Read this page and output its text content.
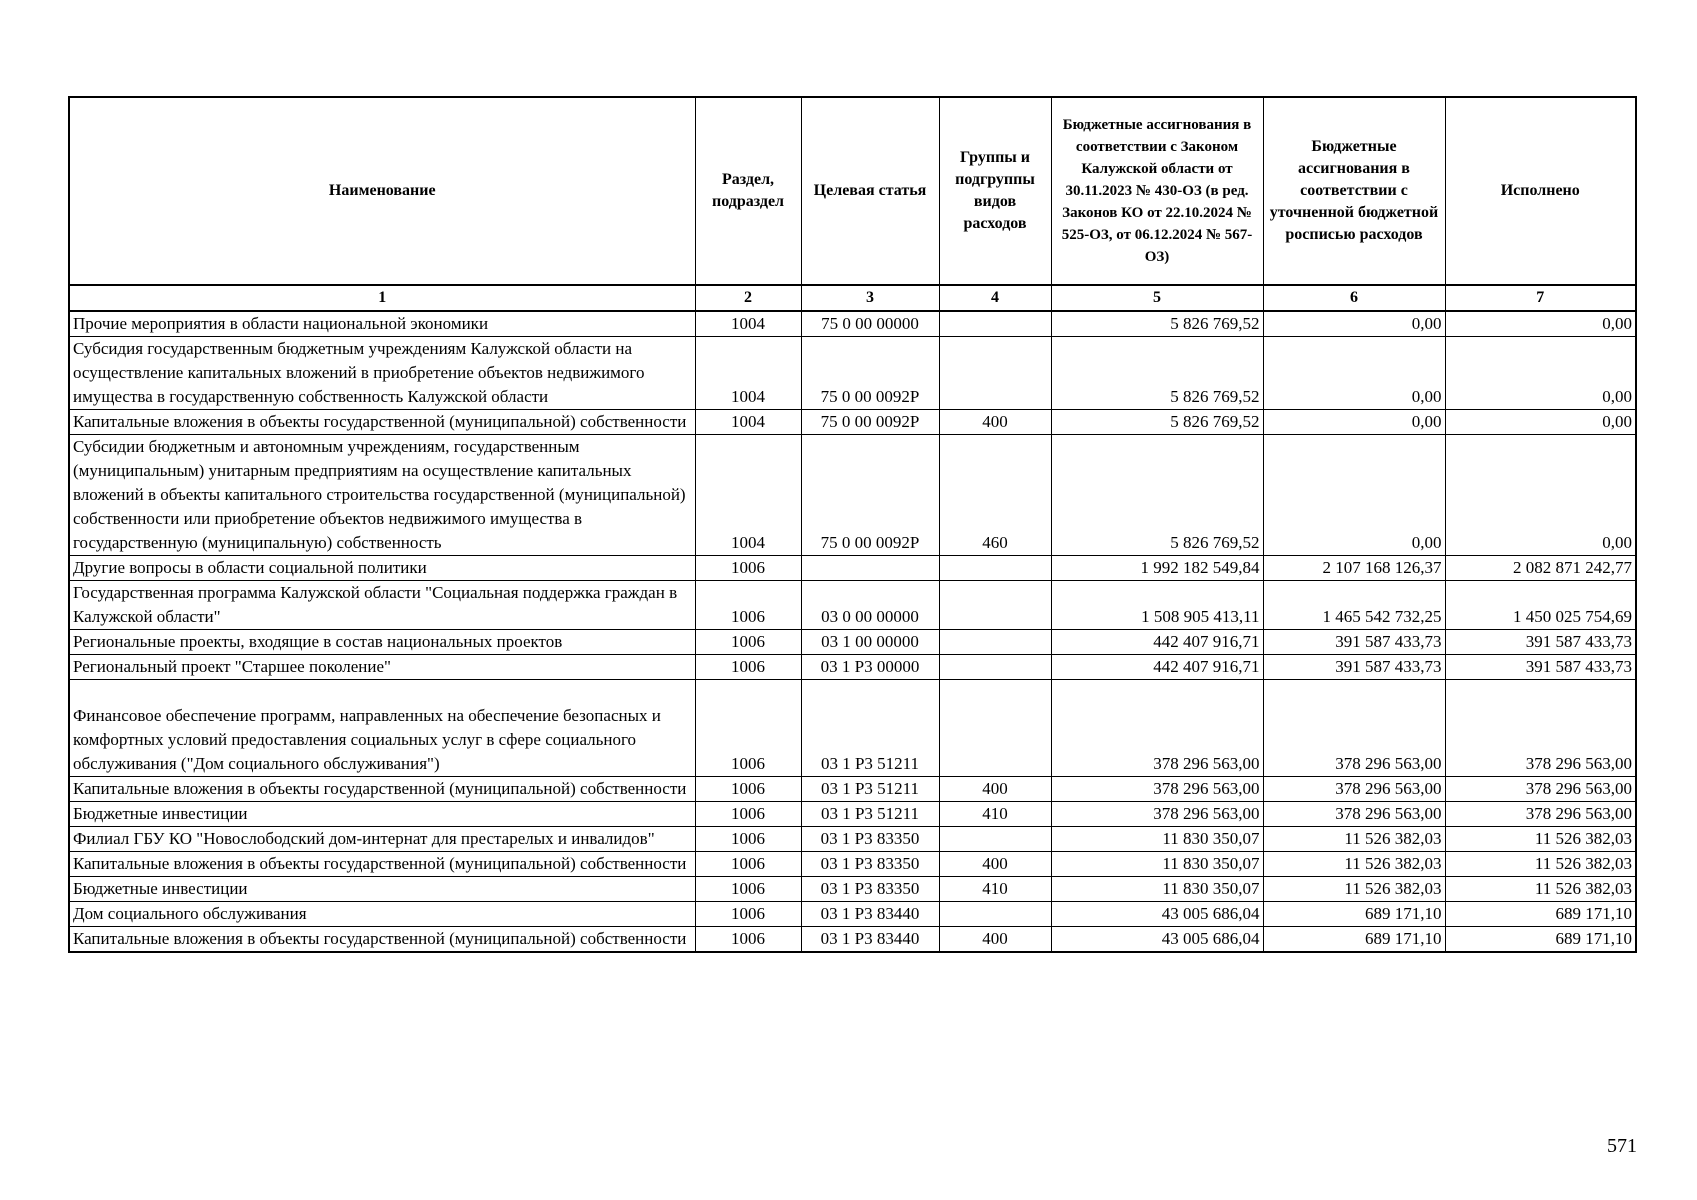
Наименование	Раздел, подраздел	Целевая статья	Группы и подгруппы видов расходов	Бюджетные ассигнования в соответствии с Законом Калужской области от 30.11.2023 № 430-ОЗ (в ред. Законов КО от 22.10.2024 № 525-ОЗ, от 06.12.2024 № 567-ОЗ)	Бюджетные ассигнования в соответствии с уточненной бюджетной росписью расходов	Исполнено
1	2	3	4	5	6	7
Прочие мероприятия в области национальной экономики	1004	75 0 00 00000		5 826 769,52	0,00	0,00
Субсидия государственным бюджетным учреждениям Калужской области на осуществление капитальных вложений в приобретение объектов недвижимого имущества в государственную собственность Калужской области	1004	75 0 00 0092P		5 826 769,52	0,00	0,00
Капитальные вложения в объекты государственной (муниципальной) собственности	1004	75 0 00 0092P	400	5 826 769,52	0,00	0,00
Субсидии бюджетным и автономным учреждениям, государственным (муниципальным) унитарным предприятиям на осуществление капитальных вложений в объекты капитального строительства государственной (муниципальной) собственности или приобретение объектов недвижимого имущества в государственную (муниципальную) собственность	1004	75 0 00 0092P	460	5 826 769,52	0,00	0,00
Другие вопросы в области социальной политики	1006			1 992 182 549,84	2 107 168 126,37	2 082 871 242,77
Государственная программа Калужской области "Социальная поддержка граждан в Калужской области"	1006	03 0 00 00000		1 508 905 413,11	1 465 542 732,25	1 450 025 754,69
Региональные проекты, входящие в состав национальных проектов	1006	03 1 00 00000		442 407 916,71	391 587 433,73	391 587 433,73
Региональный проект "Старшее поколение"	1006	03 1 P3 00000		442 407 916,71	391 587 433,73	391 587 433,73

Финансовое обеспечение программ, направленных на обеспечение безопасных и комфортных условий предоставления социальных услуг в сфере социального обслуживания ("Дом социального обслуживания")	1006	03 1 P3 51211		378 296 563,00	378 296 563,00	378 296 563,00
Капитальные вложения в объекты государственной (муниципальной) собственности	1006	03 1 P3 51211	400	378 296 563,00	378 296 563,00	378 296 563,00
Бюджетные инвестиции	1006	03 1 P3 51211	410	378 296 563,00	378 296 563,00	378 296 563,00
Филиал ГБУ КО "Новослободский дом-интернат для престарелых и инвалидов"	1006	03 1 P3 83350		11 830 350,07	11 526 382,03	11 526 382,03
Капитальные вложения в объекты государственной (муниципальной) собственности	1006	03 1 P3 83350	400	11 830 350,07	11 526 382,03	11 526 382,03
Бюджетные инвестиции	1006	03 1 P3 83350	410	11 830 350,07	11 526 382,03	11 526 382,03
Дом социального обслуживания	1006	03 1 P3 83440		43 005 686,04	689 171,10	689 171,10
Капитальные вложения в объекты государственной (муниципальной) собственности	1006	03 1 P3 83440	400	43 005 686,04	689 171,10	689 171,10
571
